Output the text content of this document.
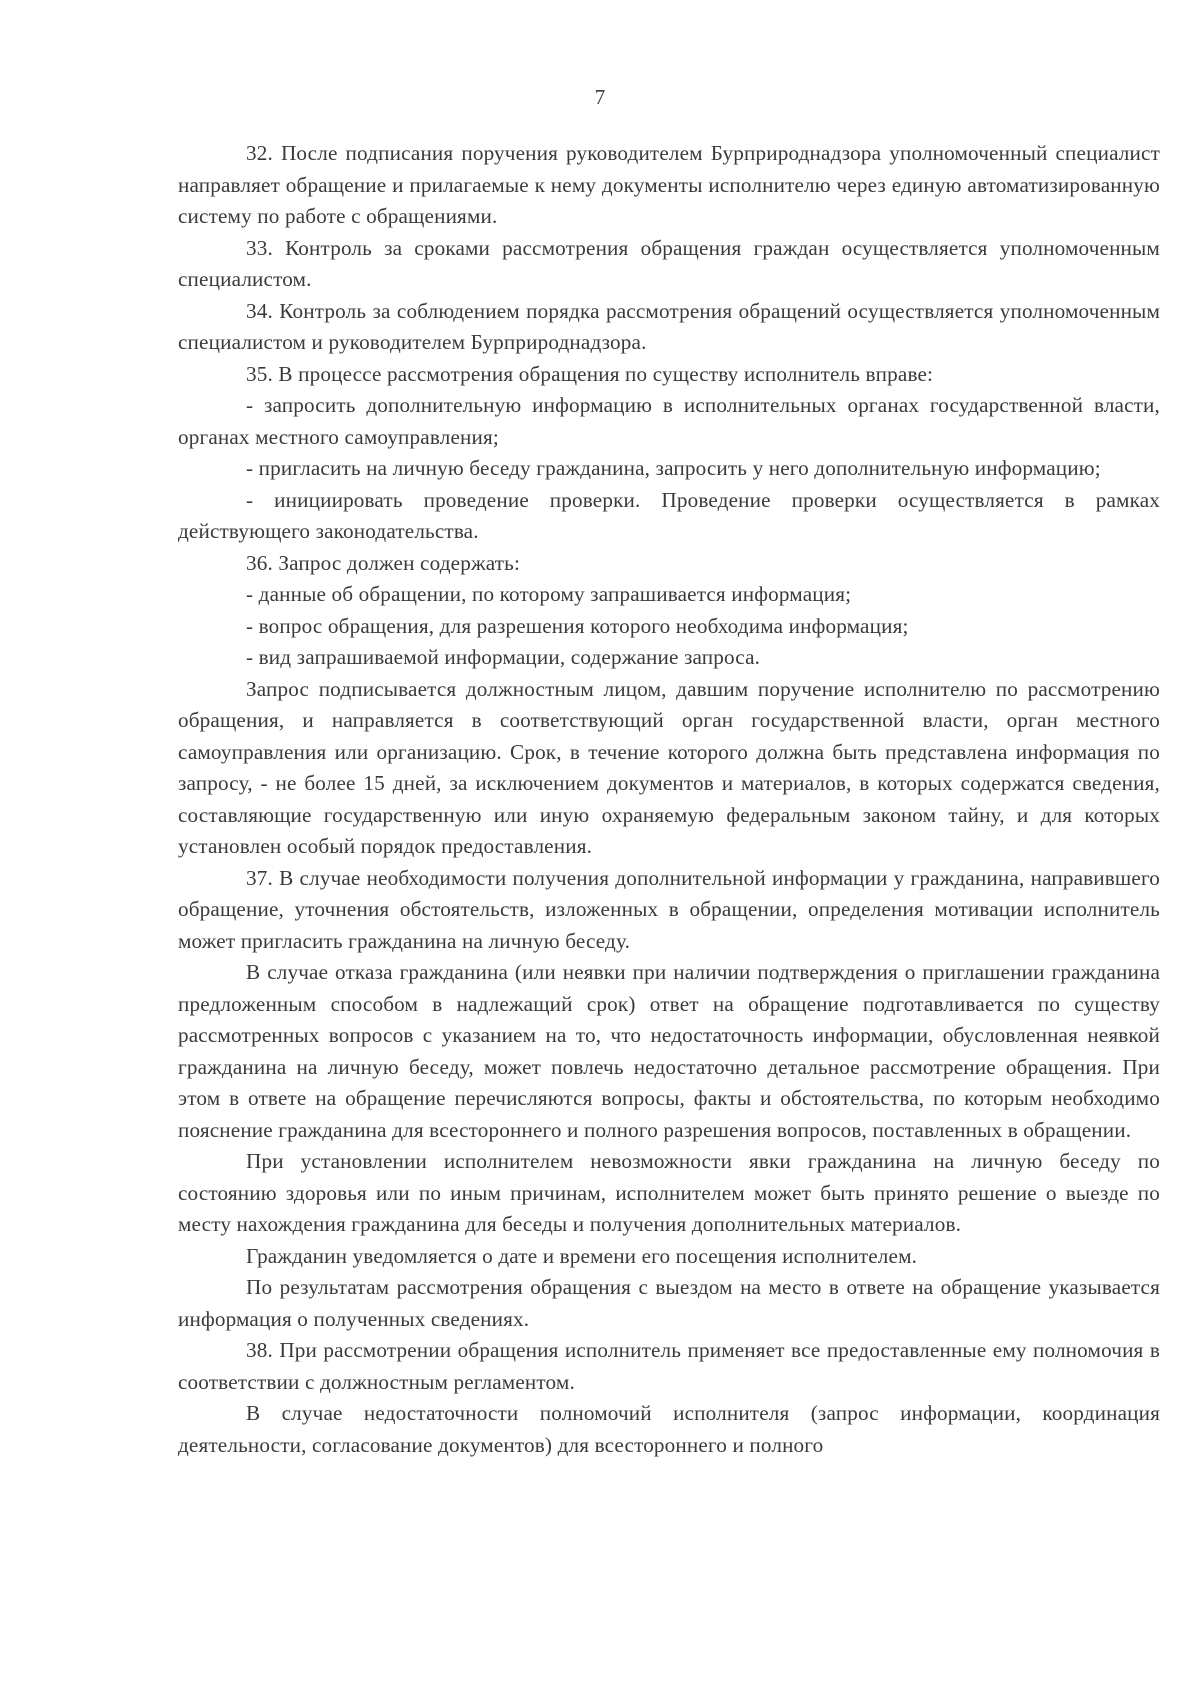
7

32. После подписания поручения руководителем Бурприроднадзора уполномоченный специалист направляет обращение и прилагаемые к нему документы исполнителю через единую автоматизированную систему по работе с обращениями.

33. Контроль за сроками рассмотрения обращения граждан осуществляется уполномоченным специалистом.

34. Контроль за соблюдением порядка рассмотрения обращений осуществляется уполномоченным специалистом и руководителем Бурприроднадзора.

35. В процессе рассмотрения обращения по существу исполнитель вправе:

- запросить дополнительную информацию в исполнительных органах государственной власти, органах местного самоуправления;

- пригласить на личную беседу гражданина, запросить у него дополнительную информацию;

- инициировать проведение проверки. Проведение проверки осуществляется в рамках действующего законодательства.

36. Запрос должен содержать:

- данные об обращении, по которому запрашивается информация;

- вопрос обращения, для разрешения которого необходима информация;

- вид запрашиваемой информации, содержание запроса.

Запрос подписывается должностным лицом, давшим поручение исполнителю по рассмотрению обращения, и направляется в соответствующий орган государственной власти, орган местного самоуправления или организацию. Срок, в течение которого должна быть представлена информация по запросу, - не более 15 дней, за исключением документов и материалов, в которых содержатся сведения, составляющие государственную или иную охраняемую федеральным законом тайну, и для которых установлен особый порядок предоставления.

37. В случае необходимости получения дополнительной информации у гражданина, направившего обращение, уточнения обстоятельств, изложенных в обращении, определения мотивации исполнитель может пригласить гражданина на личную беседу.

В случае отказа гражданина (или неявки при наличии подтверждения о приглашении гражданина предложенным способом в надлежащий срок) ответ на обращение подготавливается по существу рассмотренных вопросов с указанием на то, что недостаточность информации, обусловленная неявкой гражданина на личную беседу, может повлечь недостаточно детальное рассмотрение обращения. При этом в ответе на обращение перечисляются вопросы, факты и обстоятельства, по которым необходимо пояснение гражданина для всестороннего и полного разрешения вопросов, поставленных в обращении.

При установлении исполнителем невозможности явки гражданина на личную беседу по состоянию здоровья или по иным причинам, исполнителем может быть принято решение о выезде по месту нахождения гражданина для беседы и получения дополнительных материалов.

Гражданин уведомляется о дате и времени его посещения исполнителем.

По результатам рассмотрения обращения с выездом на место в ответе на обращение указывается информация о полученных сведениях.

38. При рассмотрении обращения исполнитель применяет все предоставленные ему полномочия в соответствии с должностным регламентом.

В случае недостаточности полномочий исполнителя (запрос информации, координация деятельности, согласование документов) для всестороннего и полного
